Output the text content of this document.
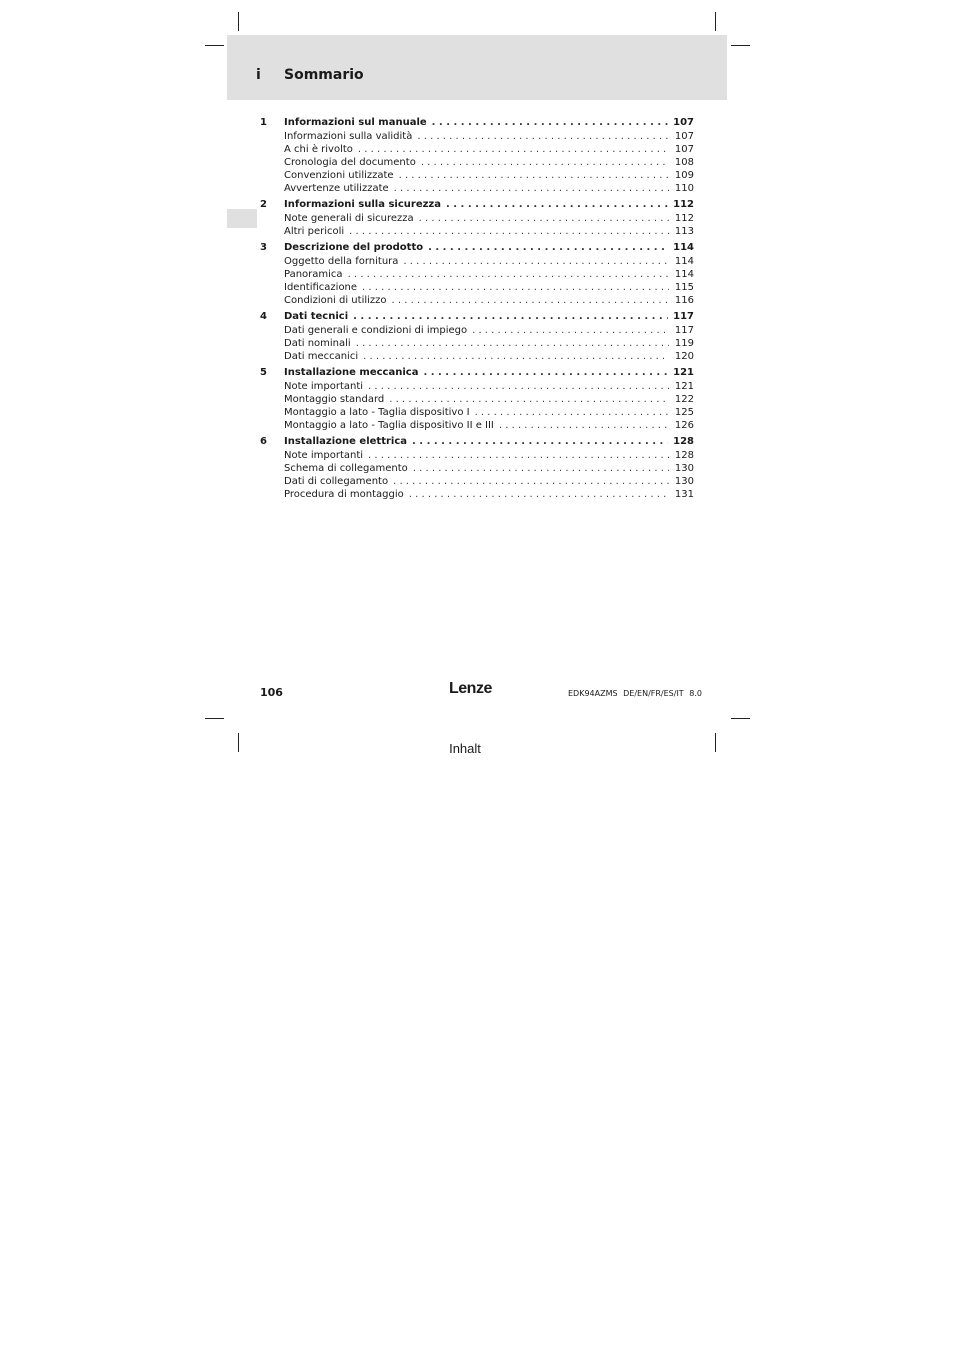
i Sommario
1	Informazioni sul manuale . . .	107
Informazioni sulla validità . . .	107
A chi è rivolto . . .	107
Cronologia del documento . . .	108
Convenzioni utilizzate . . .	109
Avvertenze utilizzate . . .	110
2	Informazioni sulla sicurezza . . .	112
Note generali di sicurezza . . .	112
Altri pericoli . . .	113
3	Descrizione del prodotto . . .	114
Oggetto della fornitura . . .	114
Panoramica . . .	114
Identificazione . . .	115
Condizioni di utilizzo . . .	116
4	Dati tecnici . . .	117
Dati generali e condizioni di impiego . . .	117
Dati nominali . . .	119
Dati meccanici . . .	120
5	Installazione meccanica . . .	121
Note importanti . . .	121
Montaggio standard . . .	122
Montaggio a lato - Taglia dispositivo I . . .	125
Montaggio a lato - Taglia dispositivo II e III . . .	126
6	Installazione elettrica . . .	128
Note importanti . . .	128
Schema di collegamento . . .	130
Dati di collegamento . . .	130
Procedura di montaggio . . .	131
106	Lenze	EDK94AZMS DE/EN/FR/ES/IT 8.0
Inhalt
